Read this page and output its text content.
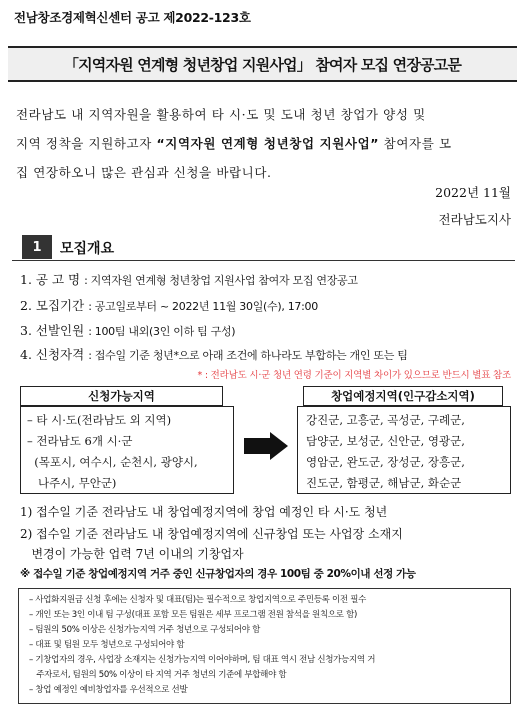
전남창조경제혁신센터 공고 제2022-123호
「지역자원 연계형 청년창업 지원사업」 참여자 모집 연장공고문
전라남도 내 지역자원을 활용하여 타 시·도 및 도내 청년 창업가 양성 및
지역 정착을 지원하고자 “지역자원 연계형 청년창업 지원사업” 참여자를 모
집 연장하오니 많은 관심과 신청을 바랍니다.
2022년 11월
전라남도지사
1	모집개요
1. 공 고 명 : 지역자원 연계형 청년창업 지원사업 참여자 모집 연장공고
2. 모집기간 : 공고일로부터 ~ 2022년 11월 30일(수), 17:00
3. 선발인원 : 100팀 내외(3인 이하 팀 구성)
4. 신청자격 : 접수일 기준 청년*으로 아래 조건에 하나라도 부합하는 개인 또는 팀
* : 전라남도 시·군 청년 연령 기준이 지역별 차이가 있으므로 반드시 별표 참조
신청가능지역
– 타 시·도(전라남도 외 지역)
– 전라남도 6개 시·군
(목포시, 여수시, 순천시, 광양시,
나주시, 무안군)
창업예정지역(인구감소지역)
강진군, 고흥군, 곡성군, 구례군,
담양군, 보성군, 신안군, 영광군,
영암군, 완도군, 장성군, 장흥군,
진도군, 함평군, 해남군, 화순군
1) 접수일 기준 전라남도 내 창업예정지역에 창업 예정인 타 시·도 청년
2) 접수일 기준 전라남도 내 창업예정지역에 신규창업 또는 사업장 소재지
변경이 가능한 업력 7년 이내의 기창업자
※ 접수일 기준 창업예정지역 거주 중인 신규창업자의 경우 100팀 중 20%이내 선정 가능
– 사업화지원금 신청 후에는 신청자 및 대표(팀)는 필수적으로 창업지역으로 주민등록 이전 필수
– 개인 또는 3인 이내 팀 구성(대표 포함 모든 팀원은 세부 프로그램 전원 참석을 원칙으로 함)
– 팀원의 50% 이상은 신청가능지역 거주 청년으로 구성되어야 함
– 대표 및 팀원 모두 청년으로 구성되어야 함
– 기창업자의 경우, 사업장 소재지는 신청가능지역 이어야하며, 팀 대표 역시 전남 신청가능지역 거
주자로서, 팀원의 50% 이상이 타 지역 거주 청년의 기준에 부합해야 함
– 창업 예정인 예비창업자를 우선적으로 선발
